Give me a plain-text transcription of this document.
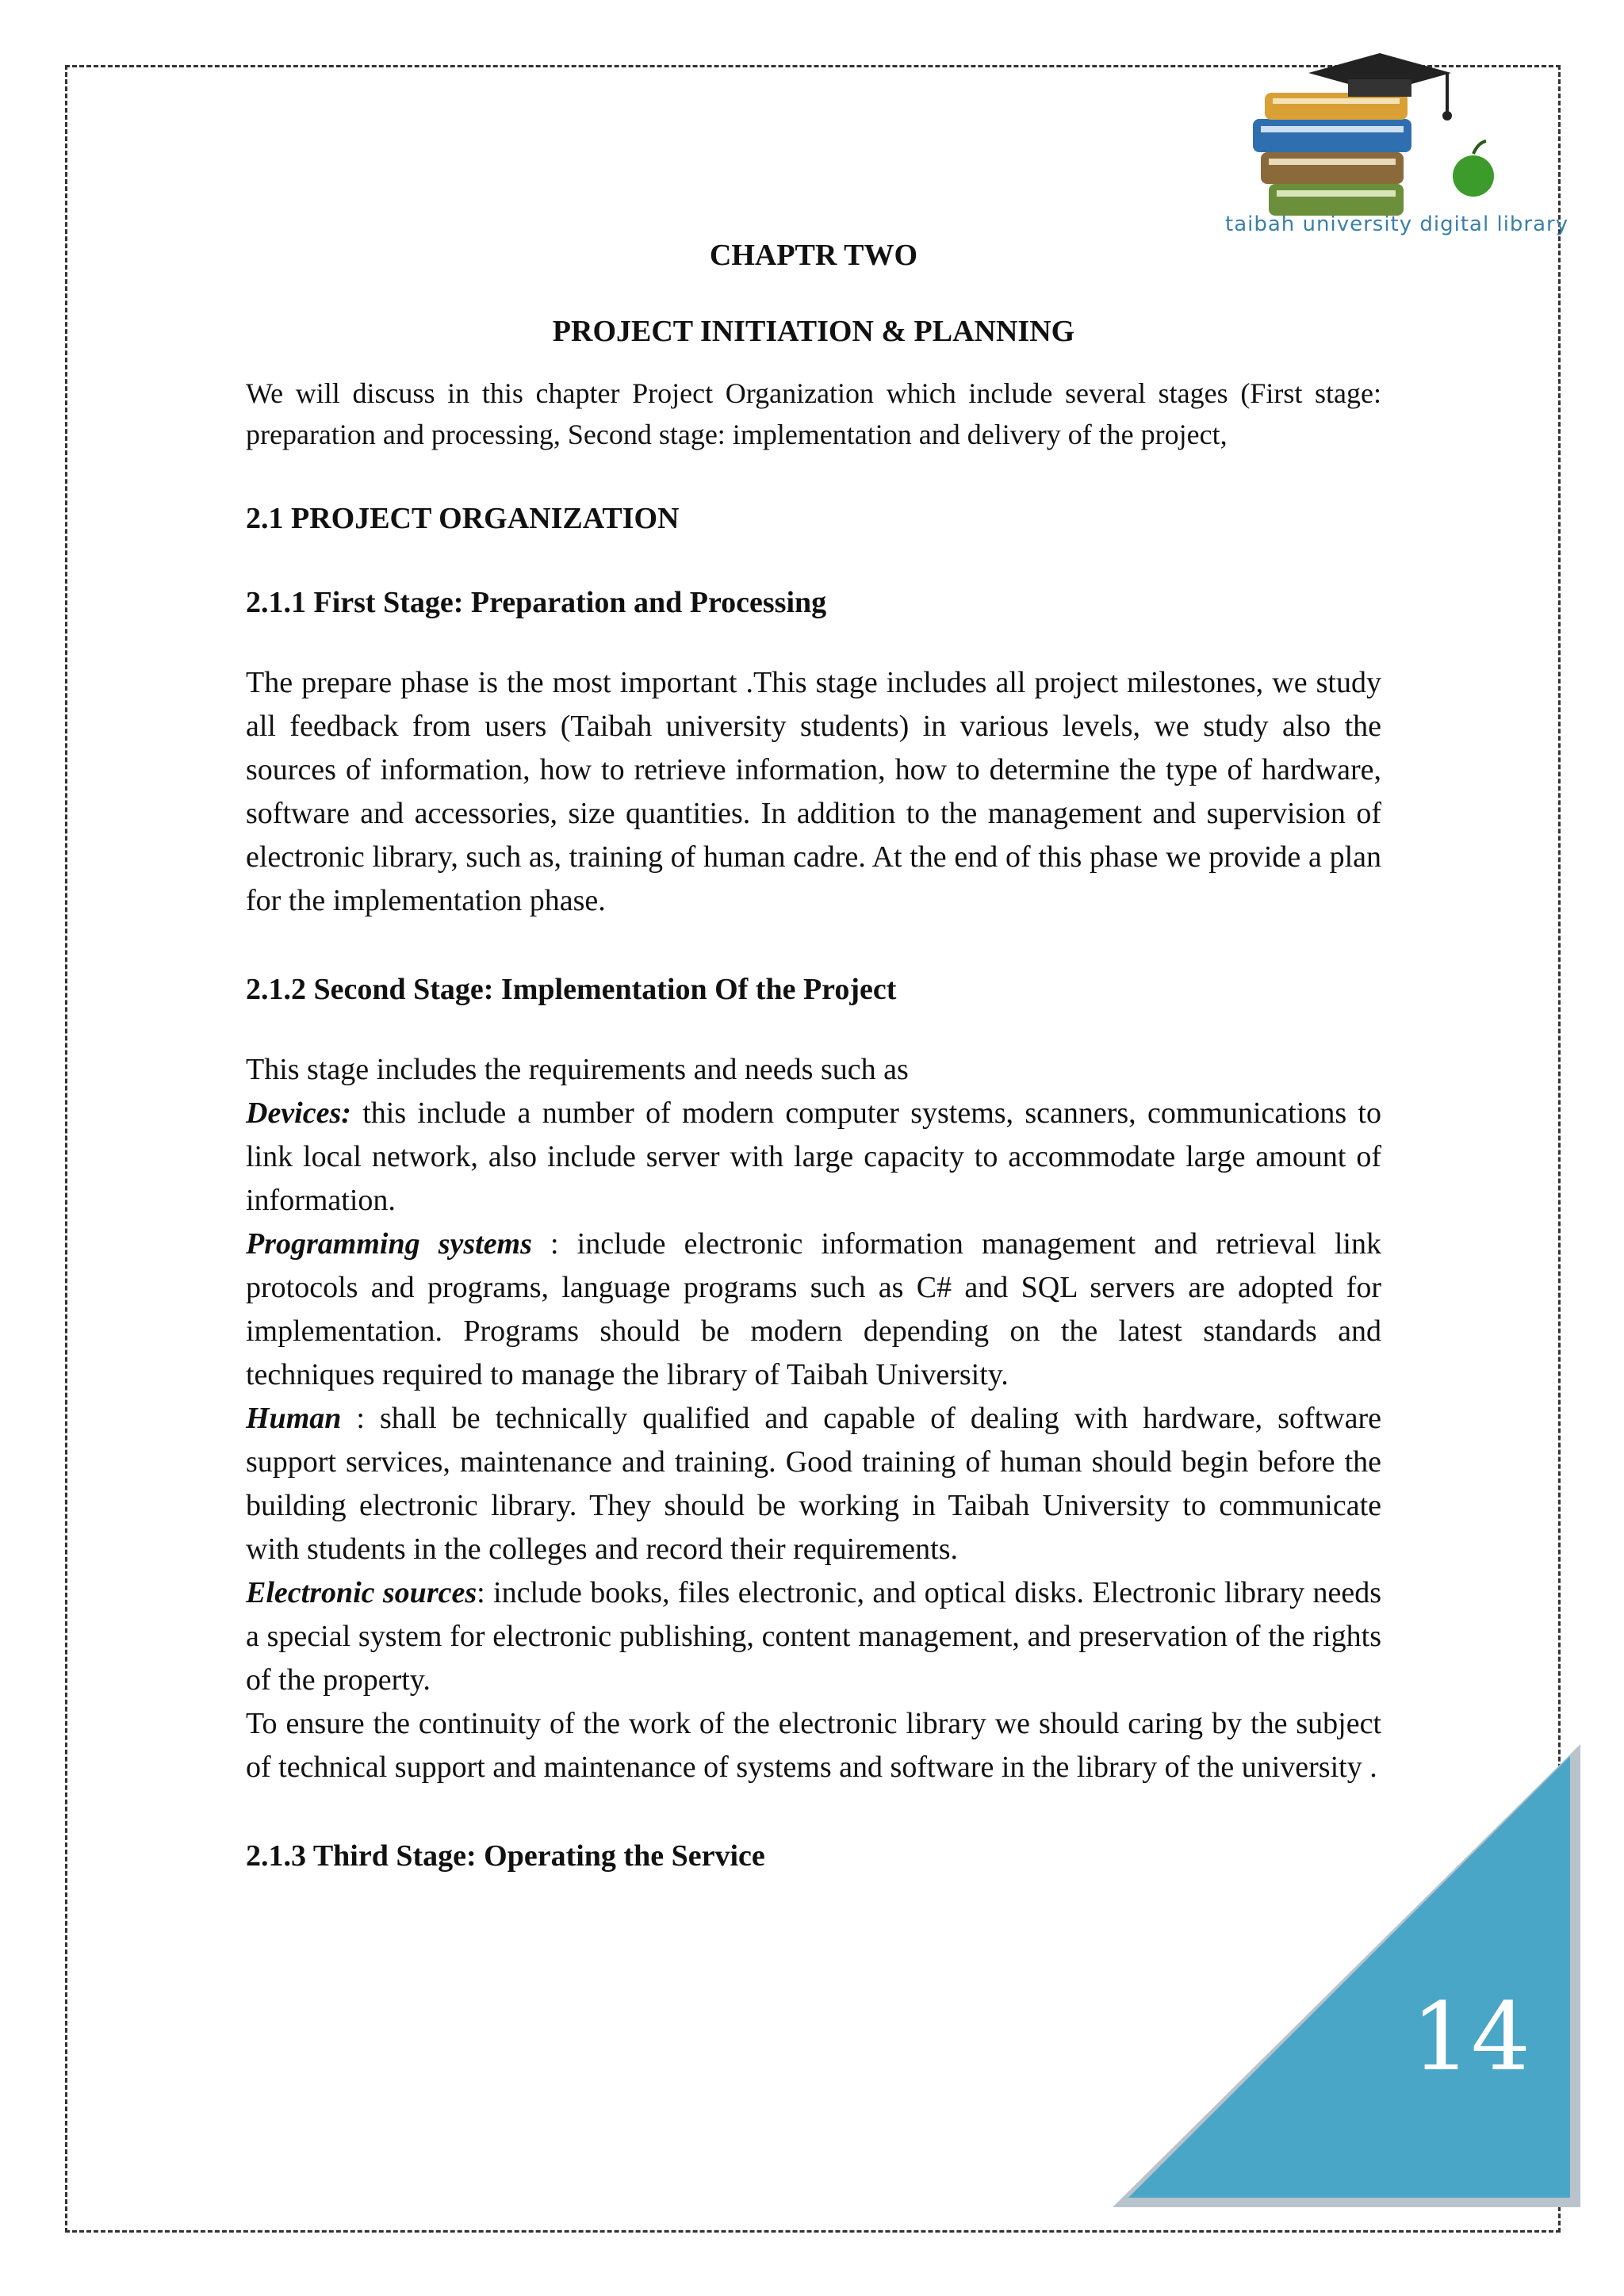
taibah university digital library
CHAPTR TWO
PROJECT INITIATION & PLANNING

We will discuss in this chapter Project Organization which include several stages (First stage: preparation and processing, Second stage: implementation and delivery of the project,

2.1 PROJECT ORGANIZATION
2.1.1 First Stage: Preparation and Processing

The prepare phase is the most important .This stage includes all project milestones, we study all feedback from users (Taibah university students) in various levels, we study also the sources of information, how to retrieve information, how to determine the type of hardware, software and accessories, size quantities. In addition to the management and supervision of electronic library, such as, training of human cadre. At the end of this phase we provide a plan for the implementation phase.

2.1.2 Second Stage: Implementation Of the Project

This stage includes the requirements and needs such as

Devices: this include a number of modern computer systems, scanners, communications to link local network, also include server with large capacity to accommodate large amount of information.

Programming systems : include electronic information management and retrieval link protocols and programs, language programs such as C# and SQL servers are adopted for implementation. Programs should be modern depending on the latest standards and techniques required to manage the library of Taibah University.

Human : shall be technically qualified and capable of dealing with hardware, software support services, maintenance and training. Good training of human should begin before the building electronic library. They should be working in Taibah University to communicate with students in the colleges and record their requirements.

Electronic sources: include books, files electronic, and optical disks. Electronic library needs a special system for electronic publishing, content management, and preservation of the rights of the property.

To ensure the continuity of the work of the electronic library we should caring by the subject of technical support and maintenance of systems and software in the library of the university .

2.1.3 Third Stage: Operating the Service
14
